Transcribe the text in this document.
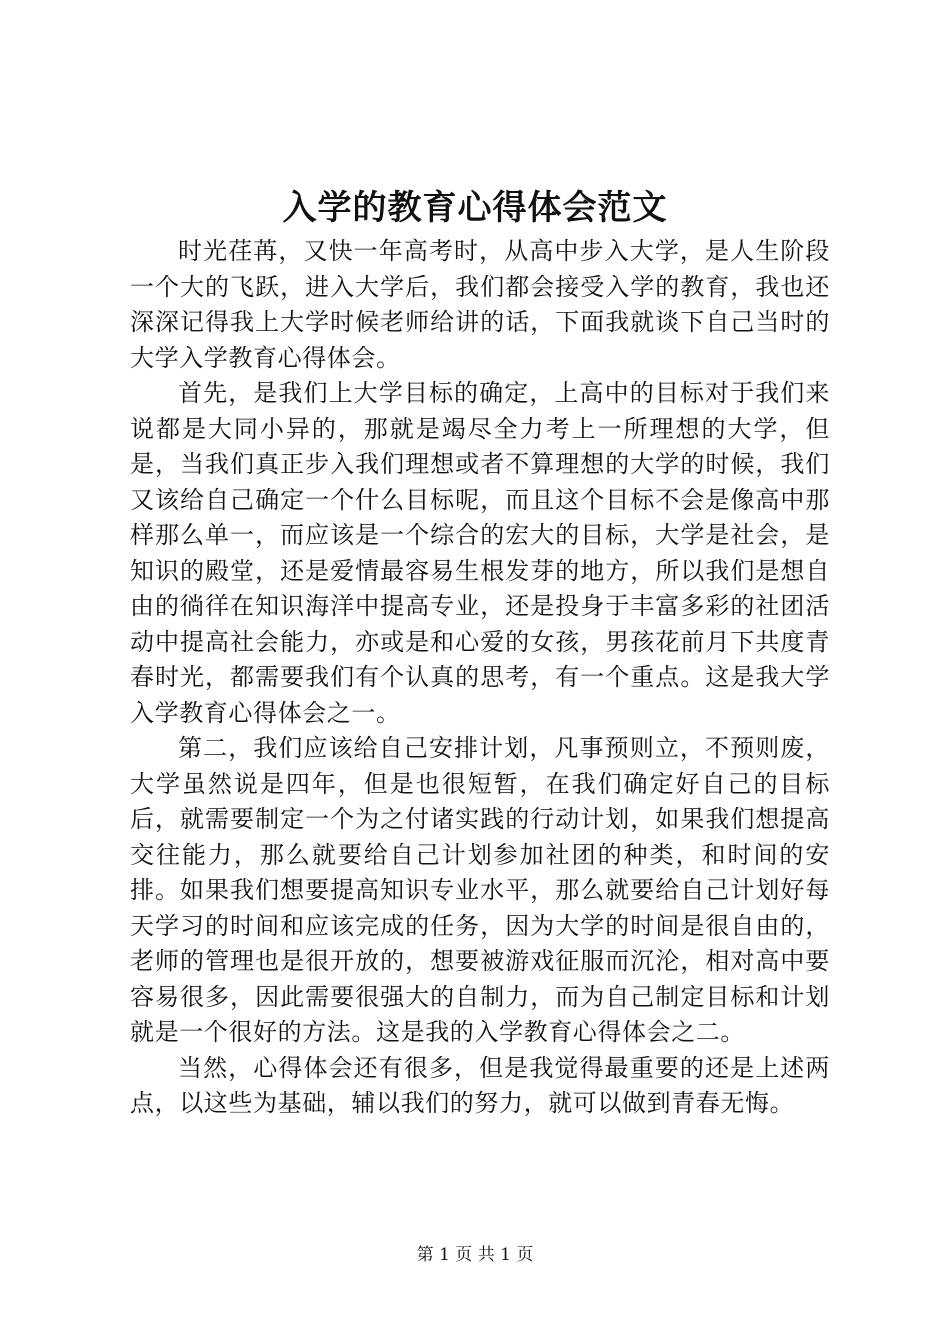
入学的教育心得体会范文

时光荏苒，又快一年高考时，从高中步入大学，是人生阶段一个大的飞跃，进入大学后，我们都会接受入学的教育，我也还深深记得我上大学时候老师给讲的话，下面我就谈下自己当时的大学入学教育心得体会。

首先，是我们上大学目标的确定，上高中的目标对于我们来说都是大同小异的，那就是竭尽全力考上一所理想的大学，但是，当我们真正步入我们理想或者不算理想的大学的时候，我们又该给自己确定一个什么目标呢，而且这个目标不会是像高中那样那么单一，而应该是一个综合的宏大的目标，大学是社会，是知识的殿堂，还是爱情最容易生根发芽的地方，所以我们是想自由的徜徉在知识海洋中提高专业，还是投身于丰富多彩的社团活动中提高社会能力，亦或是和心爱的女孩，男孩花前月下共度青春时光，都需要我们有个认真的思考，有一个重点。这是我大学入学教育心得体会之一。

第二，我们应该给自己安排计划，凡事预则立，不预则废，大学虽然说是四年，但是也很短暂，在我们确定好自己的目标后，就需要制定一个为之付诸实践的行动计划，如果我们想提高交往能力，那么就要给自己计划参加社团的种类，和时间的安排。如果我们想要提高知识专业水平，那么就要给自己计划好每天学习的时间和应该完成的任务，因为大学的时间是很自由的，老师的管理也是很开放的，想要被游戏征服而沉沦，相对高中要容易很多，因此需要很强大的自制力，而为自己制定目标和计划就是一个很好的方法。这是我的入学教育心得体会之二。

当然，心得体会还有很多，但是我觉得最重要的还是上述两点，以这些为基础，辅以我们的努力，就可以做到青春无悔。

第 1 页 共 1 页
